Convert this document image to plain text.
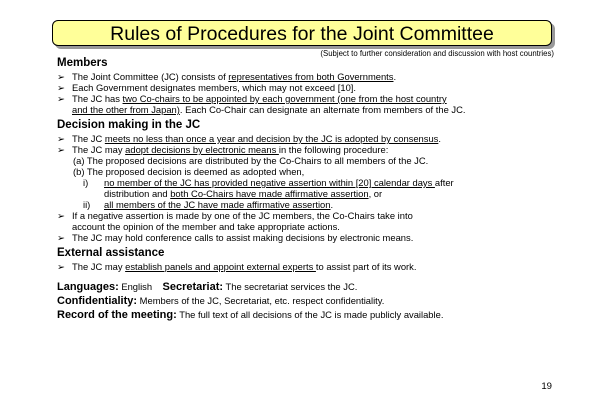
Rules of Procedures for the Joint Committee
(Subject to further consideration and discussion with host countries)
Members
➢ The Joint Committee (JC) consists of representatives from both Governments.
➢ Each Government designates members, which may not exceed [10].
➢ The JC has two Co-chairs to be appointed by each government (one from the host country
and the other from Japan). Each Co-Chair can designate an alternate from members of the JC.
Decision making in the JC
➢ The JC meets no less than once a year and decision by the JC is adopted by consensus.
➢ The JC may adopt decisions by electronic means in the following procedure:
(a) The proposed decisions are distributed by the Co-Chairs to all members of the JC.
(b) The proposed decision is deemed as adopted when,
i) no member of the JC has provided negative assertion within [20] calendar days after
distribution and both Co-Chairs have made affirmative assertion, or
ii) all members of the JC have made affirmative assertion.
➢ If a negative assertion is made by one of the JC members, the Co-Chairs take into
account the opinion of the member and take appropriate actions.
➢ The JC may hold conference calls to assist making decisions by electronic means.
External assistance
➢ The JC may establish panels and appoint external experts to assist part of its work.
Languages: English Secretariat: The secretariat services the JC.
Confidentiality: Members of the JC, Secretariat, etc. respect confidentiality.
Record of the meeting: The full text of all decisions of the JC is made publicly available.
19
